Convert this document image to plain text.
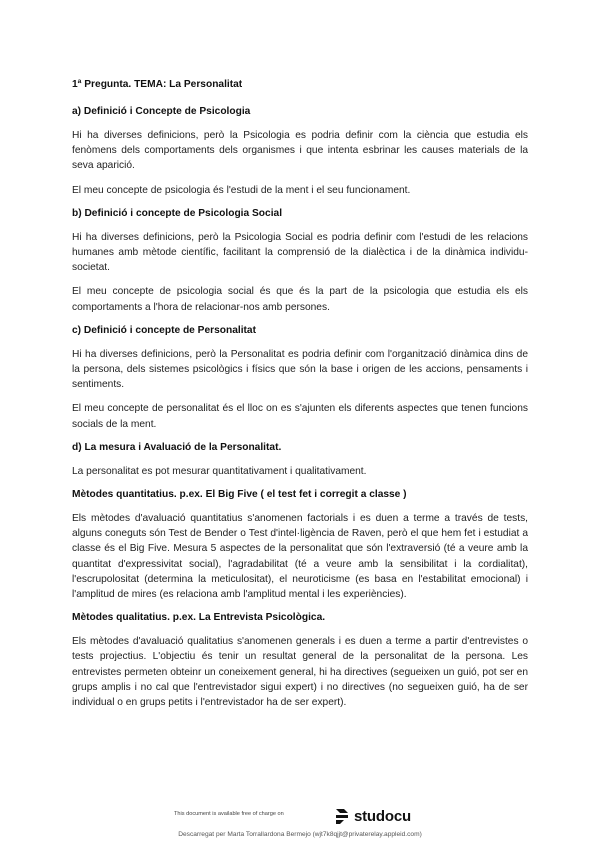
1ª Pregunta. TEMA: La Personalitat
a) Definició i Concepte de Psicologia

Hi ha diverses definicions, però la Psicologia es podria definir com la ciència que estudia els fenòmens dels comportaments dels organismes i que intenta esbrinar les causes materials de la seva aparició.

El meu concepte de psicologia és l'estudi de la ment i el seu funcionament.

b) Definició i concepte de Psicologia Social

Hi ha diverses definicions, però la Psicologia Social es podria definir com l'estudi de les relacions humanes amb mètode científic, facilitant la comprensió de la dialèctica i de la dinàmica individu-societat.

El meu concepte de psicologia social és que és la part de la psicologia que estudia els els comportaments a l'hora de relacionar-nos amb persones.

c) Definició i concepte de Personalitat

Hi ha diverses definicions, però la Personalitat es podria definir com l'organització dinàmica dins de la persona, dels sistemes psicològics i físics que són la base i origen de les accions, pensaments i sentiments.

El meu concepte de personalitat és el lloc on es s'ajunten els diferents aspectes que tenen funcions socials de la ment.

d) La mesura i Avaluació de la Personalitat.

La personalitat es pot mesurar quantitativament i qualitativament.

Mètodes quantitatius. p.ex. El Big Five ( el test fet i corregit a classe )

Els mètodes d'avaluació quantitatius s'anomenen factorials i es duen a terme a través de tests, alguns coneguts són Test de Bender o Test d'intel·ligència de Raven, però el que hem fet i estudiat a classe és el Big Five. Mesura 5 aspectes de la personalitat que són l'extraversió (té a veure amb la quantitat d'expressivitat social), l'agradabilitat (té a veure amb la sensibilitat i la cordialitat), l'escrupolositat (determina la meticulositat), el neuroticisme (es basa en l'estabilitat emocional) i l'amplitud de mires (es relaciona amb l'amplitud mental i les experiències).

Mètodes qualitatius. p.ex. La Entrevista Psicològica.

Els mètodes d'avaluació qualitatius s'anomenen generals i es duen a terme a partir d'entrevistes o tests projectius. L'objectiu és tenir un resultat general de la personalitat de la persona. Les entrevistes permeten obteinr un coneixement general, hi ha directives (segueixen un guió, pot ser en grups amplis i no cal que l'entrevistador sigui expert) i no directives (no segueixen guió, ha de ser individual o en grups petits i l'entrevistador ha de ser expert).

This document is available free of charge on	studocu
Descarregat per Marta Torrallardona Bermejo (wjt7k8qjjt@privaterelay.appleid.com)
